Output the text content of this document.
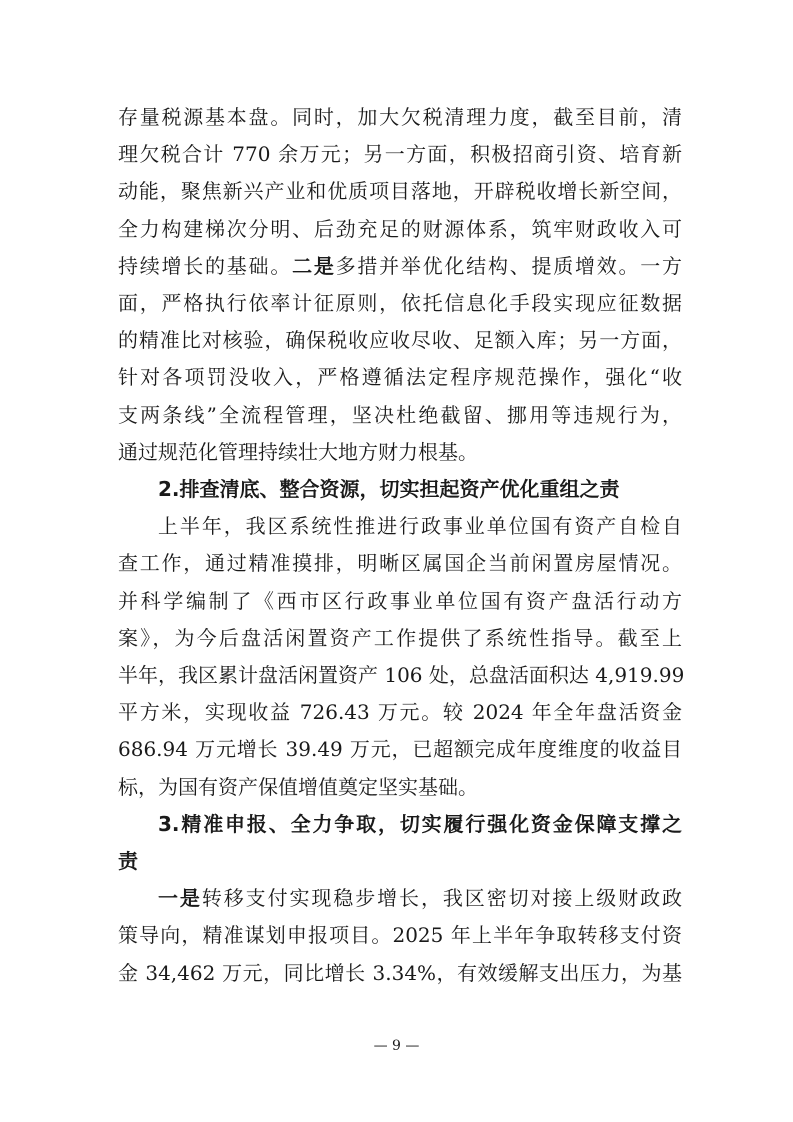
存量税源基本盘。同时，加大欠税清理力度，截至目前，清
理欠税合计 770 余万元；另一方面，积极招商引资、培育新
动能，聚焦新兴产业和优质项目落地，开辟税收增长新空间，
全力构建梯次分明、后劲充足的财源体系，筑牢财政收入可
持续增长的基础。二是多措并举优化结构、提质增效。一方
面，严格执行依率计征原则，依托信息化手段实现应征数据
的精准比对核验，确保税收应收尽收、足额入库；另一方面，
针对各项罚没收入，严格遵循法定程序规范操作，强化“收
支两条线”全流程管理，坚决杜绝截留、挪用等违规行为，
通过规范化管理持续壮大地方财力根基。
2.排查清底、整合资源，切实担起资产优化重组之责
上半年，我区系统性推进行政事业单位国有资产自检自
查工作，通过精准摸排，明晰区属国企当前闲置房屋情况。
并科学编制了《西市区行政事业单位国有资产盘活行动方
案》，为今后盘活闲置资产工作提供了系统性指导。截至上
半年，我区累计盘活闲置资产 106 处，总盘活面积达 4,919.99
平方米，实现收益 726.43 万元。较 2024 年全年盘活资金
686.94 万元增长 39.49 万元，已超额完成年度维度的收益目
标，为国有资产保值增值奠定坚实基础。
3.精准申报、全力争取，切实履行强化资金保障支撑之
责
一是转移支付实现稳步增长，我区密切对接上级财政政
策导向，精准谋划申报项目。2025 年上半年争取转移支付资
金 34,462 万元，同比增长 3.34%，有效缓解支出压力，为基
— 9 —
